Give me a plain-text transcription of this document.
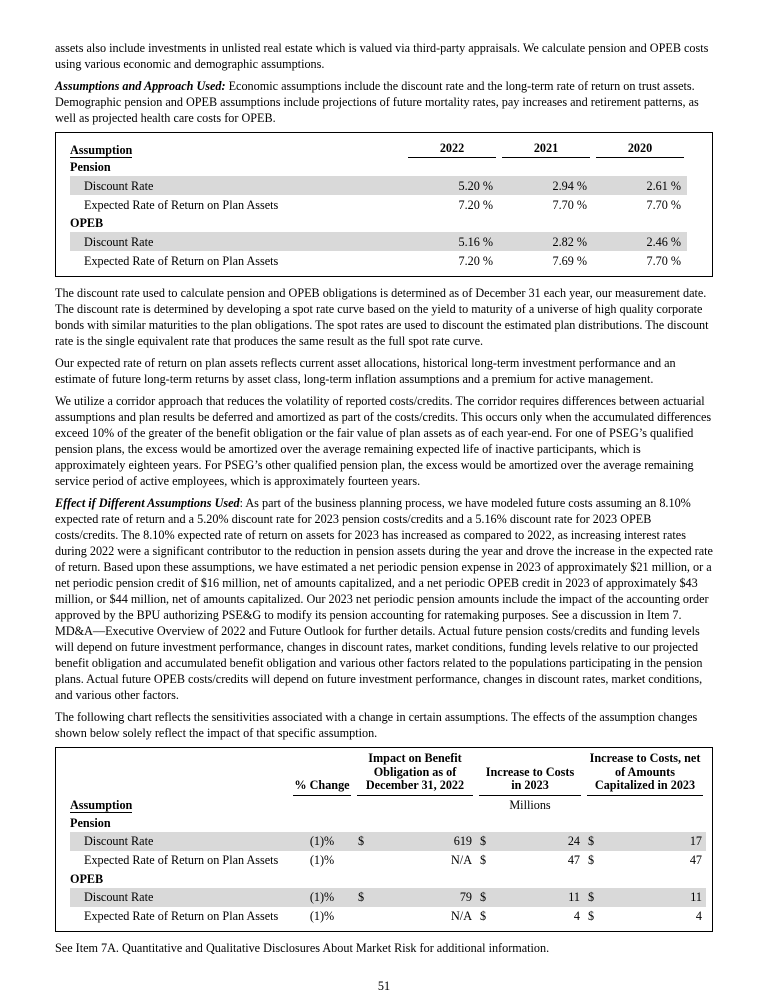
assets also include investments in unlisted real estate which is valued via third-party appraisals. We calculate pension and OPEB costs using various economic and demographic assumptions.

Assumptions and Approach Used: Economic assumptions include the discount rate and the long-term rate of return on trust assets. Demographic pension and OPEB assumptions include projections of future mortality rates, pay increases and retirement patterns, as well as projected health care costs for OPEB.

Assumption	2022	2021	2020

Pension			
Discount Rate	5.20 %	2.94 %	2.61 %
Expected Rate of Return on Plan Assets	7.20 %	7.70 %	7.70 %
OPEB			
Discount Rate	5.16 %	2.82 %	2.46 %
Expected Rate of Return on Plan Assets	7.20 %	7.69 %	7.70 %

The discount rate used to calculate pension and OPEB obligations is determined as of December 31 each year, our measurement date. The discount rate is determined by developing a spot rate curve based on the yield to maturity of a universe of high quality corporate bonds with similar maturities to the plan obligations. The spot rates are used to discount the estimated plan distributions. The discount rate is the single equivalent rate that produces the same result as the full spot rate curve.

Our expected rate of return on plan assets reflects current asset allocations, historical long-term investment performance and an estimate of future long-term returns by asset class, long-term inflation assumptions and a premium for active management.

We utilize a corridor approach that reduces the volatility of reported costs/credits. The corridor requires differences between actuarial assumptions and plan results be deferred and amortized as part of the costs/credits. This occurs only when the accumulated differences exceed 10% of the greater of the benefit obligation or the fair value of plan assets as of each year-end. For one of PSEG’s qualified pension plans, the excess would be amortized over the average remaining expected life of inactive participants, which is approximately eighteen years. For PSEG’s other qualified pension plan, the excess would be amortized over the average remaining service period of active employees, which is approximately fourteen years.

Effect if Different Assumptions Used: As part of the business planning process, we have modeled future costs assuming an 8.10% expected rate of return and a 5.20% discount rate for 2023 pension costs/credits and a 5.16% discount rate for 2023 OPEB costs/credits. The 8.10% expected rate of return on assets for 2023 has increased as compared to 2022, as increasing interest rates during 2022 were a significant contributor to the reduction in pension assets during the year and drove the increase in the expected rate of return. Based upon these assumptions, we have estimated a net periodic pension expense in 2023 of approximately $21 million, or a net periodic pension credit of $16 million, net of amounts capitalized, and a net periodic OPEB credit in 2023 of approximately $43 million, or $44 million, net of amounts capitalized. Our 2023 net periodic pension amounts include the impact of the accounting order approved by the BPU authorizing PSE&G to modify its pension accounting for ratemaking purposes. See a discussion in Item 7. MD&A—Executive Overview of 2022 and Future Outlook for further details. Actual future pension costs/credits and funding levels will depend on future investment performance, changes in discount rates, market conditions, funding levels relative to our projected benefit obligation and accumulated benefit obligation and various other factors related to the populations participating in the pension plans. Actual future OPEB costs/credits will depend on future investment performance, changes in discount rates, market conditions, and various other factors.

The following chart reflects the sensitivities associated with a change in certain assumptions. The effects of the assumption changes shown below solely reflect the impact of that specific assumption.

	% Change	Impact on Benefit Obligation as of December 31, 2022	Increase to Costs in 2023	Increase to Costs, net of Amounts Capitalized in 2023

Assumption			Millions	
Pension				
Discount Rate	(1)%	$ 619	$ 24	$ 17

Expected Rate of Return on Plan Assets	(1)%	N/A	$ 47	$ 47

OPEB				
Discount Rate	(1)%	$ 79	$ 11	$ 11

Expected Rate of Return on Plan Assets	(1)%	N/A	$ 4	$ 4

See Item 7A. Quantitative and Qualitative Disclosures About Market Risk for additional information.

51
